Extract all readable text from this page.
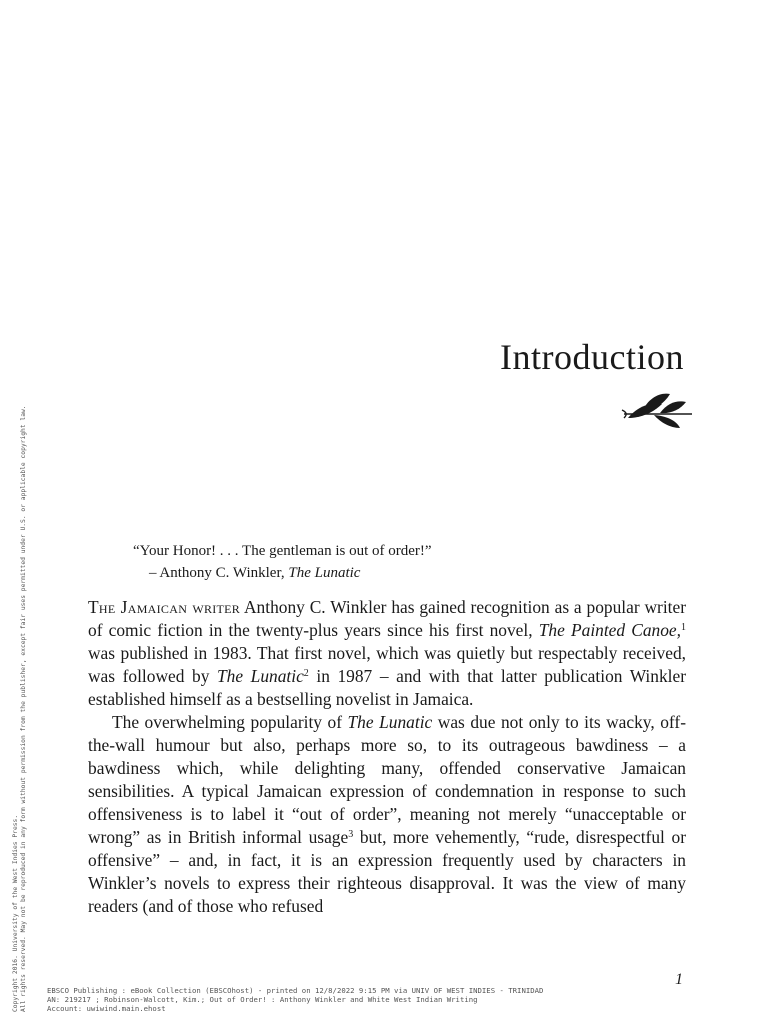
Copyright 2016. University of the West Indies Press. All rights reserved. May not be reproduced in any form without permission from the publisher, except fair uses permitted under U.S. or applicable copyright law.
Introduction
“Your Honor! . . . The gentleman is out of order!”
– Anthony C. Winkler, The Lunatic

The Jamaican writer Anthony C. Winkler has gained recognition as a popular writer of comic fiction in the twenty-plus years since his first novel, The Painted Canoe,$^1$ was published in 1983. That first novel, which was quietly but respectably received, was followed by The Lunatic$^2$ in 1987 – and with that latter publication Winkler established himself as a bestselling novelist in Jamaica.

The overwhelming popularity of The Lunatic was due not only to its wacky, off-the-wall humour but also, perhaps more so, to its outrageous bawdiness – a bawdiness which, while delighting many, offended conservative Jamaican sensibilities. A typical Jamaican expression of condemnation in response to such offensiveness is to label it “out of order”, meaning not merely “unacceptable or wrong” as in British informal usage$^3$ but, more vehemently, “rude, disrespectful or offensive” – and, in fact, it is an expression frequently used by characters in Winkler’s novels to express their righteous disapproval. It was the view of many readers (and of those who refused

1
EBSCO Publishing : eBook Collection (EBSCOhost) - printed on 12/8/2022 9:15 PM via UNIV OF WEST INDIES - TRINIDAD
AN: 219217 ; Robinson-Walcott, Kim.; Out of Order! : Anthony Winkler and White West Indian Writing
Account: uwiwind.main.ehost
